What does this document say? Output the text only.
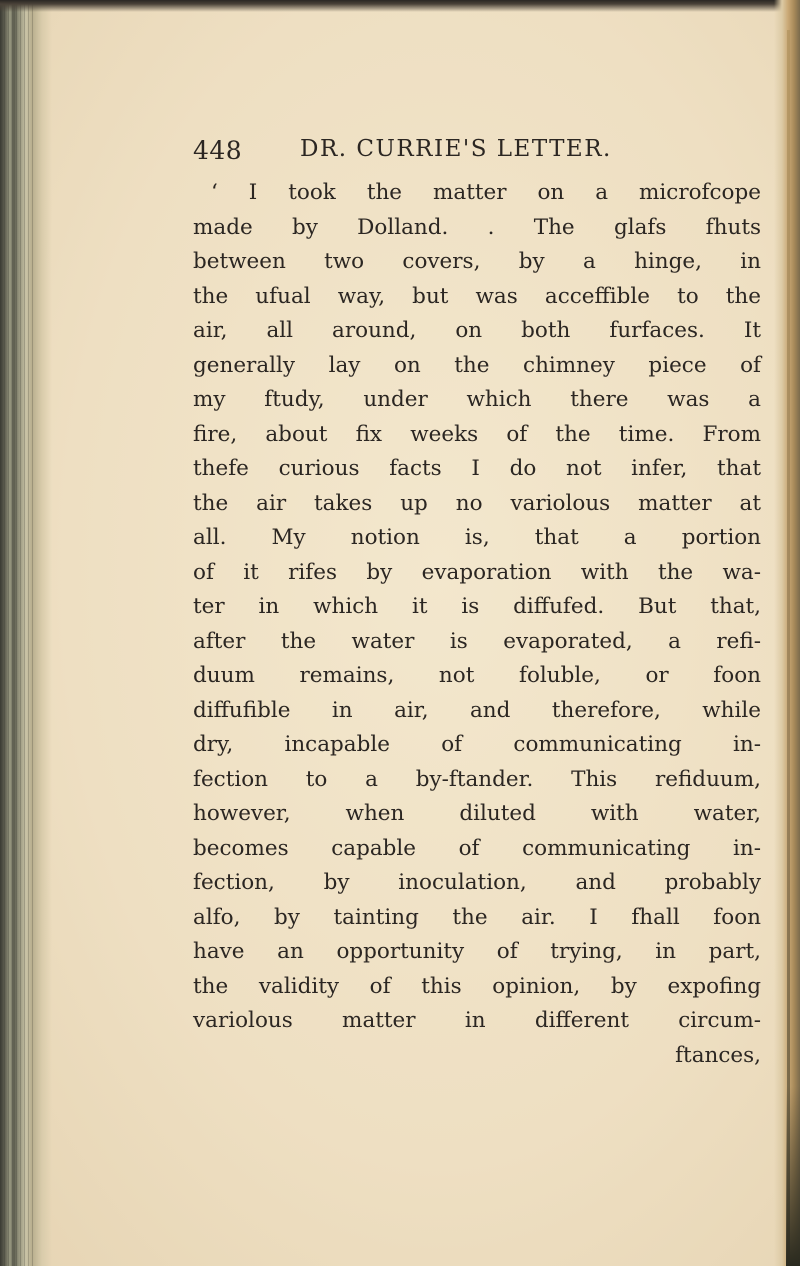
448	DR. CURRIE'S LETTER.
‘ I took the matter on a microfcope
made by Dolland. . The glafs fhuts
between two covers, by a hinge, in
the ufual way, but was acceffible to the
air, all around, on both furfaces. It
generally lay on the chimney piece of
my ftudy, under which there was a
fire, about fix weeks of the time. From
thefe curious facts I do not infer, that
the air takes up no variolous matter at
all. My notion is, that a portion
of it rifes by evaporation with the wa-
ter in which it is diffufed. But that,
after the water is evaporated, a refi-
duum remains, not foluble, or foon
diffufible in air, and therefore, while
dry, incapable of communicating in-
fection to a by-ftander. This refiduum,
however, when diluted with water,
becomes capable of communicating in-
fection, by inoculation, and probably
alfo, by tainting the air. I fhall foon
have an opportunity of trying, in part,
the validity of this opinion, by expofing
variolous matter in different circum-
ftances,
